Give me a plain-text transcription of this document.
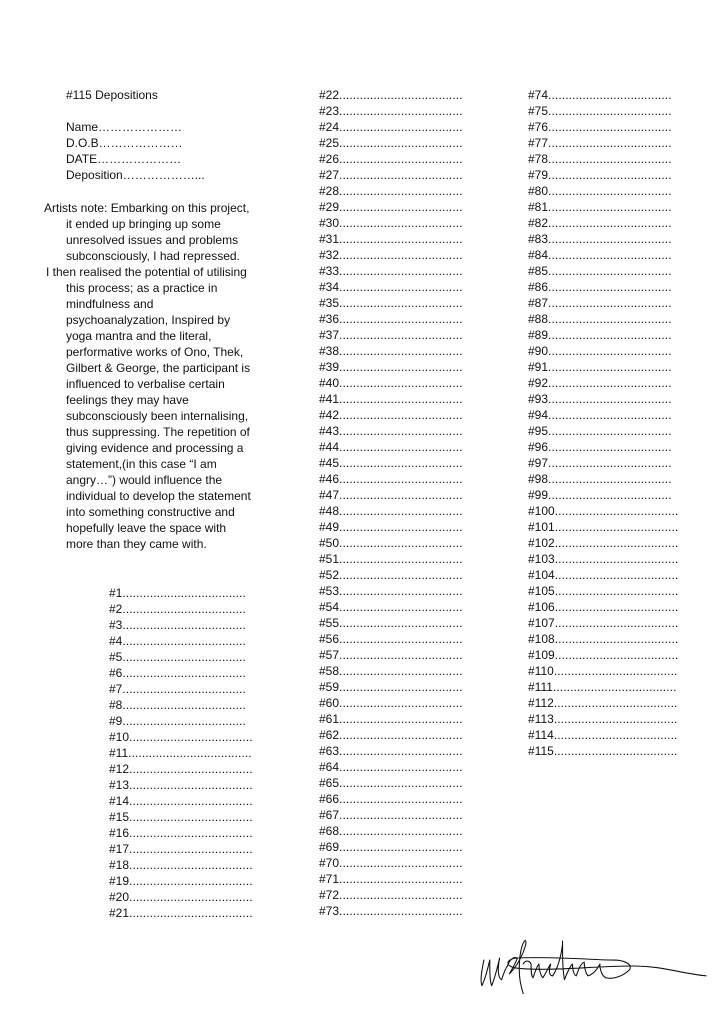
#115 Depositions
Name…………………
D.O.B…………………
DATE…………………
Deposition………………...
Artists note: Embarking on this project,
it ended up bringing up some
unresolved issues and problems
subconsciously, I had repressed.
I then realised the potential of utilising
this process; as a practice in
mindfulness and
psychoanalyzation, Inspired by
yoga mantra and the literal,
performative works of Ono, Thek,
Gilbert & George, the participant is
influenced to verbalise certain
feelings they may have
subconsciously been internalising,
thus suppressing. The repetition of
giving evidence and processing a
statement,(in this case “I am
angry…”) would influence the
individual to develop the statement
into something constructive and
hopefully leave the space with
more than they came with.
#1....................................
#2....................................
#3....................................
#4....................................
#5....................................
#6....................................
#7....................................
#8....................................
#9....................................
#10....................................
#11....................................
#12....................................
#13....................................
#14....................................
#15....................................
#16....................................
#17....................................
#18....................................
#19....................................
#20....................................
#21....................................
#22....................................
#23....................................
#24....................................
#25....................................
#26....................................
#27....................................
#28....................................
#29....................................
#30....................................
#31....................................
#32....................................
#33....................................
#34....................................
#35....................................
#36....................................
#37....................................
#38....................................
#39....................................
#40....................................
#41....................................
#42....................................
#43....................................
#44....................................
#45....................................
#46....................................
#47....................................
#48....................................
#49....................................
#50....................................
#51....................................
#52....................................
#53....................................
#54....................................
#55....................................
#56....................................
#57....................................
#58....................................
#59....................................
#60....................................
#61....................................
#62....................................
#63....................................
#64....................................
#65....................................
#66....................................
#67....................................
#68....................................
#69....................................
#70....................................
#71....................................
#72....................................
#73....................................
#74....................................
#75....................................
#76....................................
#77....................................
#78....................................
#79....................................
#80....................................
#81....................................
#82....................................
#83....................................
#84....................................
#85....................................
#86....................................
#87....................................
#88....................................
#89....................................
#90....................................
#91....................................
#92....................................
#93....................................
#94....................................
#95....................................
#96....................................
#97....................................
#98....................................
#99....................................
#100....................................
#101....................................
#102....................................
#103....................................
#104....................................
#105....................................
#106....................................
#107....................................
#108....................................
#109....................................
#110....................................
#111....................................
#112....................................
#113....................................
#114....................................
#115....................................
